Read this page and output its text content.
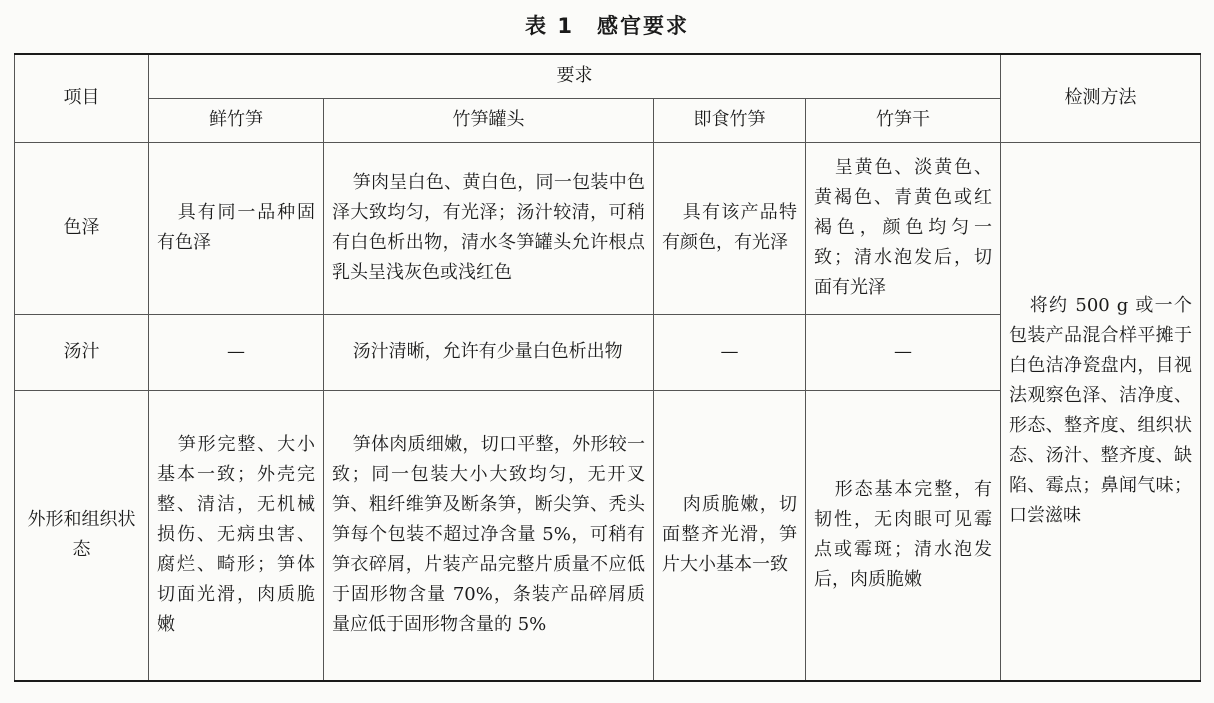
表 1　感官要求
项目	要求				检测方法
	鲜竹笋	竹笋罐头	即食竹笋	竹笋干	
色泽	具有同一品种固有色泽	笋肉呈白色、黄白色，同一包装中色泽大致均匀，有光泽；汤汁较清，可稍有白色析出物，清水冬笋罐头允许根点乳头呈浅灰色或浅红色	具有该产品特有颜色，有光泽	呈黄色、淡黄色、黄褐色、青黄色或红褐色，颜色均匀一致；清水泡发后，切面有光泽	将约 500 g 或一个包装产品混合样平摊于白色洁净瓷盘内，目视法观察色泽、洁净度、形态、整齐度、组织状态、汤汁、整齐度、缺陷、霉点；鼻闻气味；口尝滋味
汤汁	—	汤汁清晰，允许有少量白色析出物	—	—	
外形和组织状态	笋形完整、大小基本一致；外壳完整、清洁，无机械损伤、无病虫害、腐烂、畸形；笋体切面光滑，肉质脆嫩	笋体肉质细嫩，切口平整，外形较一致；同一包装大小大致均匀，无开叉笋、粗纤维笋及断条笋，断尖笋、秃头笋每个包装不超过净含量 5%，可稍有笋衣碎屑，片装产品完整片质量不应低于固形物含量 70%，条装产品碎屑质量应低于固形物含量的 5%	肉质脆嫩，切面整齐光滑，笋片大小基本一致	形态基本完整，有韧性，无肉眼可见霉点或霉斑；清水泡发后，肉质脆嫩	
